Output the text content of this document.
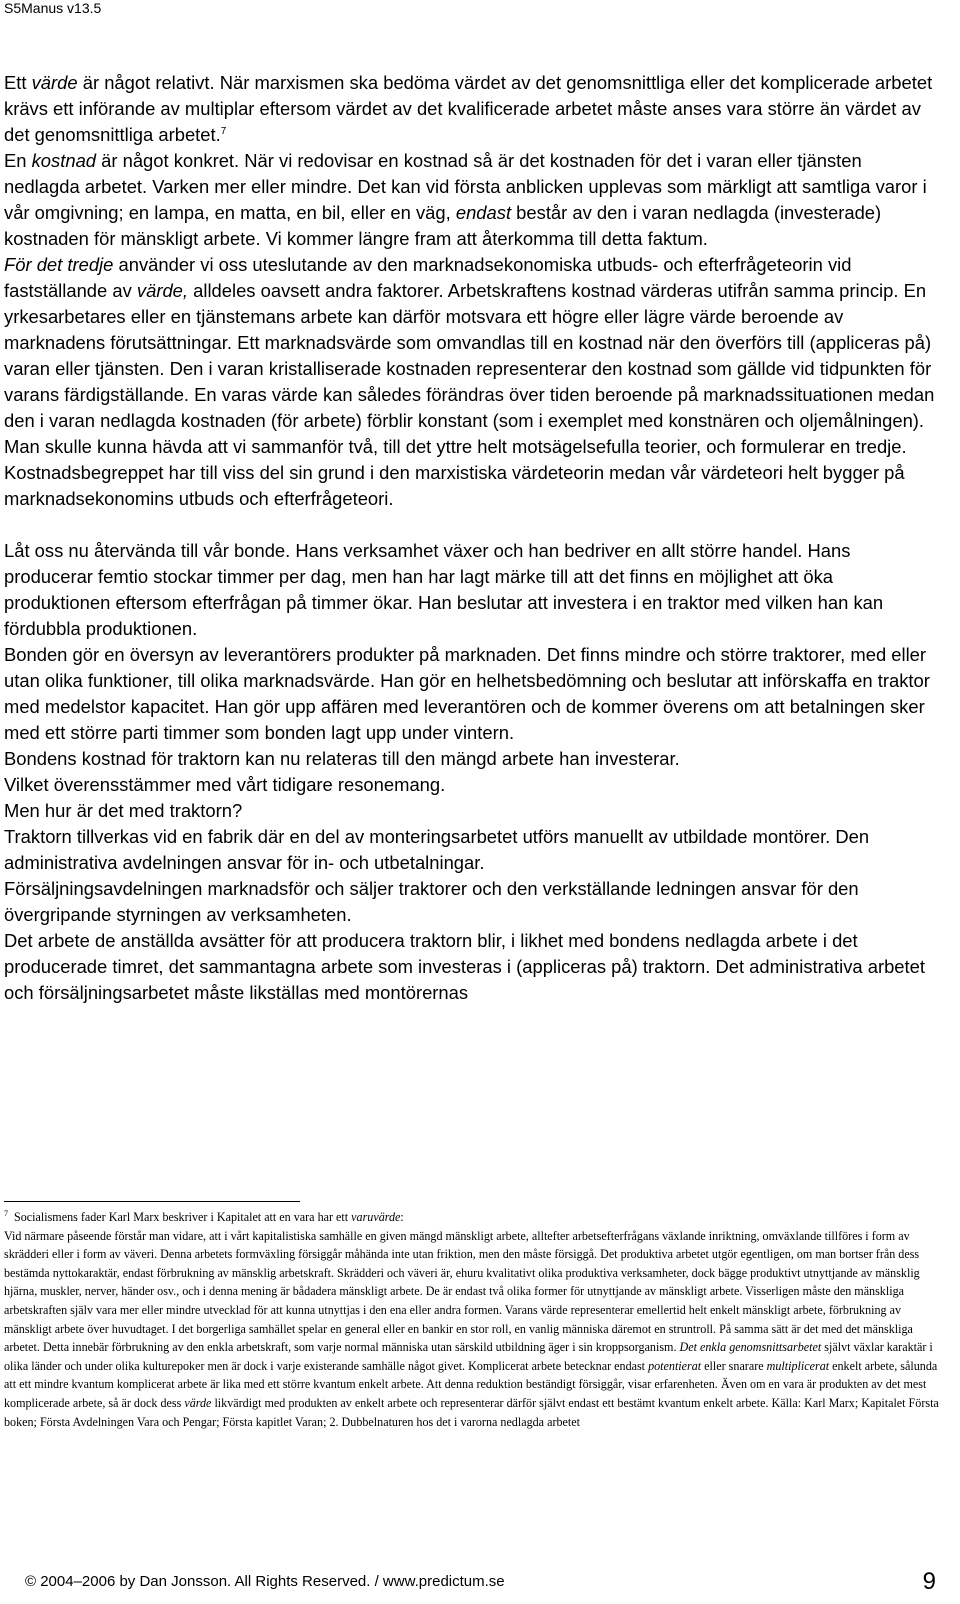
S5Manus v13.5

Ett värde är något relativt. När marxismen ska bedöma värdet av det genomsnittliga eller det komplicerade arbetet krävs ett införande av multiplar eftersom värdet av det kvalificerade arbetet måste anses vara större än värdet av det genomsnittliga arbetet.$^7$

En kostnad är något konkret. När vi redovisar en kostnad så är det kostnaden för det i varan eller tjänsten nedlagda arbetet. Varken mer eller mindre. Det kan vid första anblicken upplevas som märkligt att samtliga varor i vår omgivning; en lampa, en matta, en bil, eller en väg, endast består av den i varan nedlagda (investerade) kostnaden för mänskligt arbete. Vi kommer längre fram att återkomma till detta faktum.

För det tredje använder vi oss uteslutande av den marknadsekonomiska utbuds- och efterfrågeteorin vid fastställande av värde, alldeles oavsett andra faktorer. Arbetskraftens kostnad värderas utifrån samma princip. En yrkesarbetares eller en tjänstemans arbete kan därför motsvara ett högre eller lägre värde beroende av marknadens förutsättningar. Ett marknadsvärde som omvandlas till en kostnad när den överförs till (appliceras på) varan eller tjänsten. Den i varan kristalliserade kostnaden representerar den kostnad som gällde vid tidpunkten för varans färdigställande. En varas värde kan således förändras över tiden beroende på marknadssituationen medan den i varan nedlagda kostnaden (för arbete) förblir konstant (som i exemplet med konstnären och oljemålningen).

Man skulle kunna hävda att vi sammanför två, till det yttre helt motsägelsefulla teorier, och formulerar en tredje. Kostnadsbegreppet har till viss del sin grund i den marxistiska värdeteorin medan vår värdeteori helt bygger på marknadsekonomins utbuds och efterfrågeteori.

Låt oss nu återvända till vår bonde. Hans verksamhet växer och han bedriver en allt större handel. Hans producerar femtio stockar timmer per dag, men han har lagt märke till att det finns en möjlighet att öka produktionen eftersom efterfrågan på timmer ökar. Han beslutar att investera i en traktor med vilken han kan fördubbla produktionen.

Bonden gör en översyn av leverantörers produkter på marknaden. Det finns mindre och större traktorer, med eller utan olika funktioner, till olika marknadsvärde. Han gör en helhetsbedömning och beslutar att införskaffa en traktor med medelstor kapacitet. Han gör upp affären med leverantören och de kommer överens om att betalningen sker med ett större parti timmer som bonden lagt upp under vintern.

Bondens kostnad för traktorn kan nu relateras till den mängd arbete han investerar.

Vilket överensstämmer med vårt tidigare resonemang.

Men hur är det med traktorn?

Traktorn tillverkas vid en fabrik där en del av monteringsarbetet utförs manuellt av utbildade montörer. Den administrativa avdelningen ansvar för in- och utbetalningar.

Försäljningsavdelningen marknadsför och säljer traktorer och den verkställande ledningen ansvar för den övergripande styrningen av verksamheten.

Det arbete de anställda avsätter för att producera traktorn blir, i likhet med bondens nedlagda arbete i det producerade timret, det sammantagna arbete som investeras i (appliceras på) traktorn. Det administrativa arbetet och försäljningsarbetet måste likställas med montörernas

$^7$ Socialismens fader Karl Marx beskriver i Kapitalet att en vara har ett varuvärde:

Vid närmare påseende förstår man vidare, att i vårt kapitalistiska samhälle en given mängd mänskligt arbete, alltefter arbetsefterfrågans växlande inriktning, omväxlande tillföres i form av skrädderi eller i form av väveri. Denna arbetets formväxling försiggår måhända inte utan friktion, men den måste försiggå. Det produktiva arbetet utgör egentligen, om man bortser från dess bestämda nyttokaraktär, endast förbrukning av mänsklig arbetskraft. Skrädderi och väveri är, ehuru kvalitativt olika produktiva verksamheter, dock bägge produktivt utnyttjande av mänsklig hjärna, muskler, nerver, händer osv., och i denna mening är bådadera mänskligt arbete. De är endast två olika former för utnyttjande av mänskligt arbete. Visserligen måste den mänskliga arbetskraften själv vara mer eller mindre utvecklad för att kunna utnyttjas i den ena eller andra formen. Varans värde representerar emellertid helt enkelt mänskligt arbete, förbrukning av mänskligt arbete över huvudtaget. I det borgerliga samhället spelar en general eller en bankir en stor roll, en vanlig människa däremot en struntroll. På samma sätt är det med det mänskliga arbetet. Detta innebär förbrukning av den enkla arbetskraft, som varje normal människa utan särskild utbildning äger i sin kroppsorganism. Det enkla genomsnittsarbetet självt växlar karaktär i olika länder och under olika kulturepoker men är dock i varje existerande samhälle något givet. Komplicerat arbete betecknar endast potentierat eller snarare multiplicerat enkelt arbete, sålunda att ett mindre kvantum komplicerat arbete är lika med ett större kvantum enkelt arbete. Att denna reduktion beständigt försiggår, visar erfarenheten. Även om en vara är produkten av det mest komplicerade arbete, så är dock dess värde likvärdigt med produkten av enkelt arbete och representerar därför självt endast ett bestämt kvantum enkelt arbete. Källa: Karl Marx; Kapitalet Första boken; Första Avdelningen Vara och Pengar; Första kapitlet Varan; 2. Dubbelnaturen hos det i varorna nedlagda arbetet

© 2004–2006 by Dan Jonsson. All Rights Reserved. / www.predictum.se	9
